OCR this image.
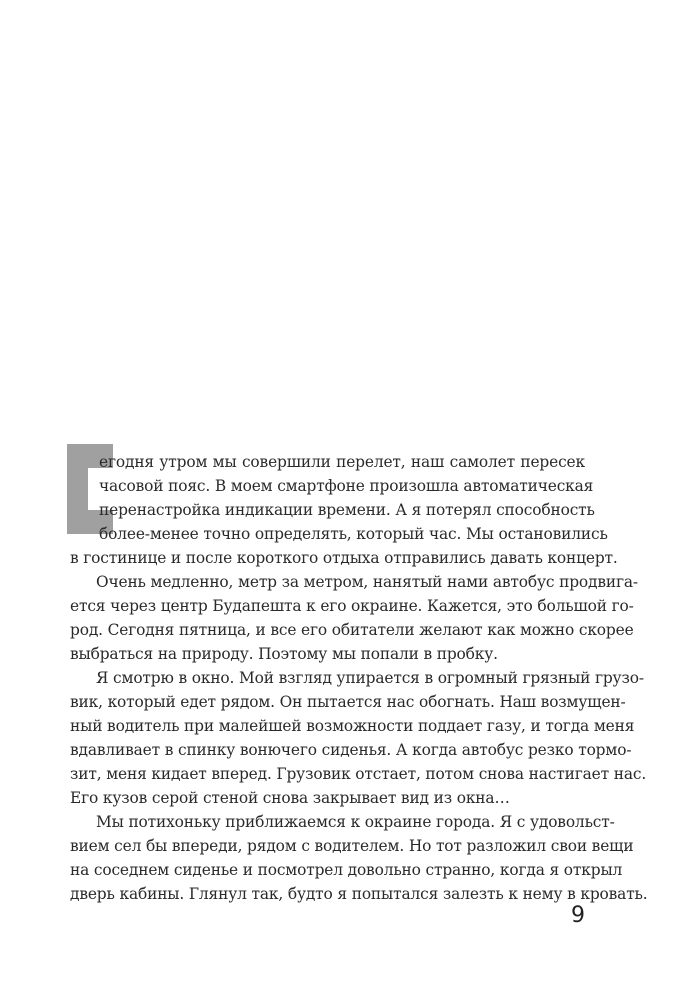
егодня утром мы совершили перелет, наш самолет пересек
часовой пояс. В моем смартфоне произошла автоматическая
перенастройка индикации времени. А я потерял способность
более-менее точно определять, который час. Мы остановились
в гостинице и после короткого отдыха отправились давать концерт.
Очень медленно, метр за метром, нанятый нами автобус продвига-
ется через центр Будапешта к его окраине. Кажется, это большой го-
род. Сегодня пятница, и все его обитатели желают как можно скорее
выбраться на природу. Поэтому мы попали в пробку.
Я смотрю в окно. Мой взгляд упирается в огромный грязный грузо-
вик, который едет рядом. Он пытается нас обогнать. Наш возмущен-
ный водитель при малейшей возможности поддает газу, и тогда меня
вдавливает в спинку вонючего сиденья. А когда автобус резко тормо-
зит, меня кидает вперед. Грузовик отстает, потом снова настигает нас.
Его кузов серой стеной снова закрывает вид из окна…
Мы потихоньку приближаемся к окраине города. Я с удовольст-
вием сел бы впереди, рядом с водителем. Но тот разложил свои вещи
на соседнем сиденье и посмотрел довольно странно, когда я открыл
дверь кабины. Глянул так, будто я попытался залезть к нему в кровать.
9
